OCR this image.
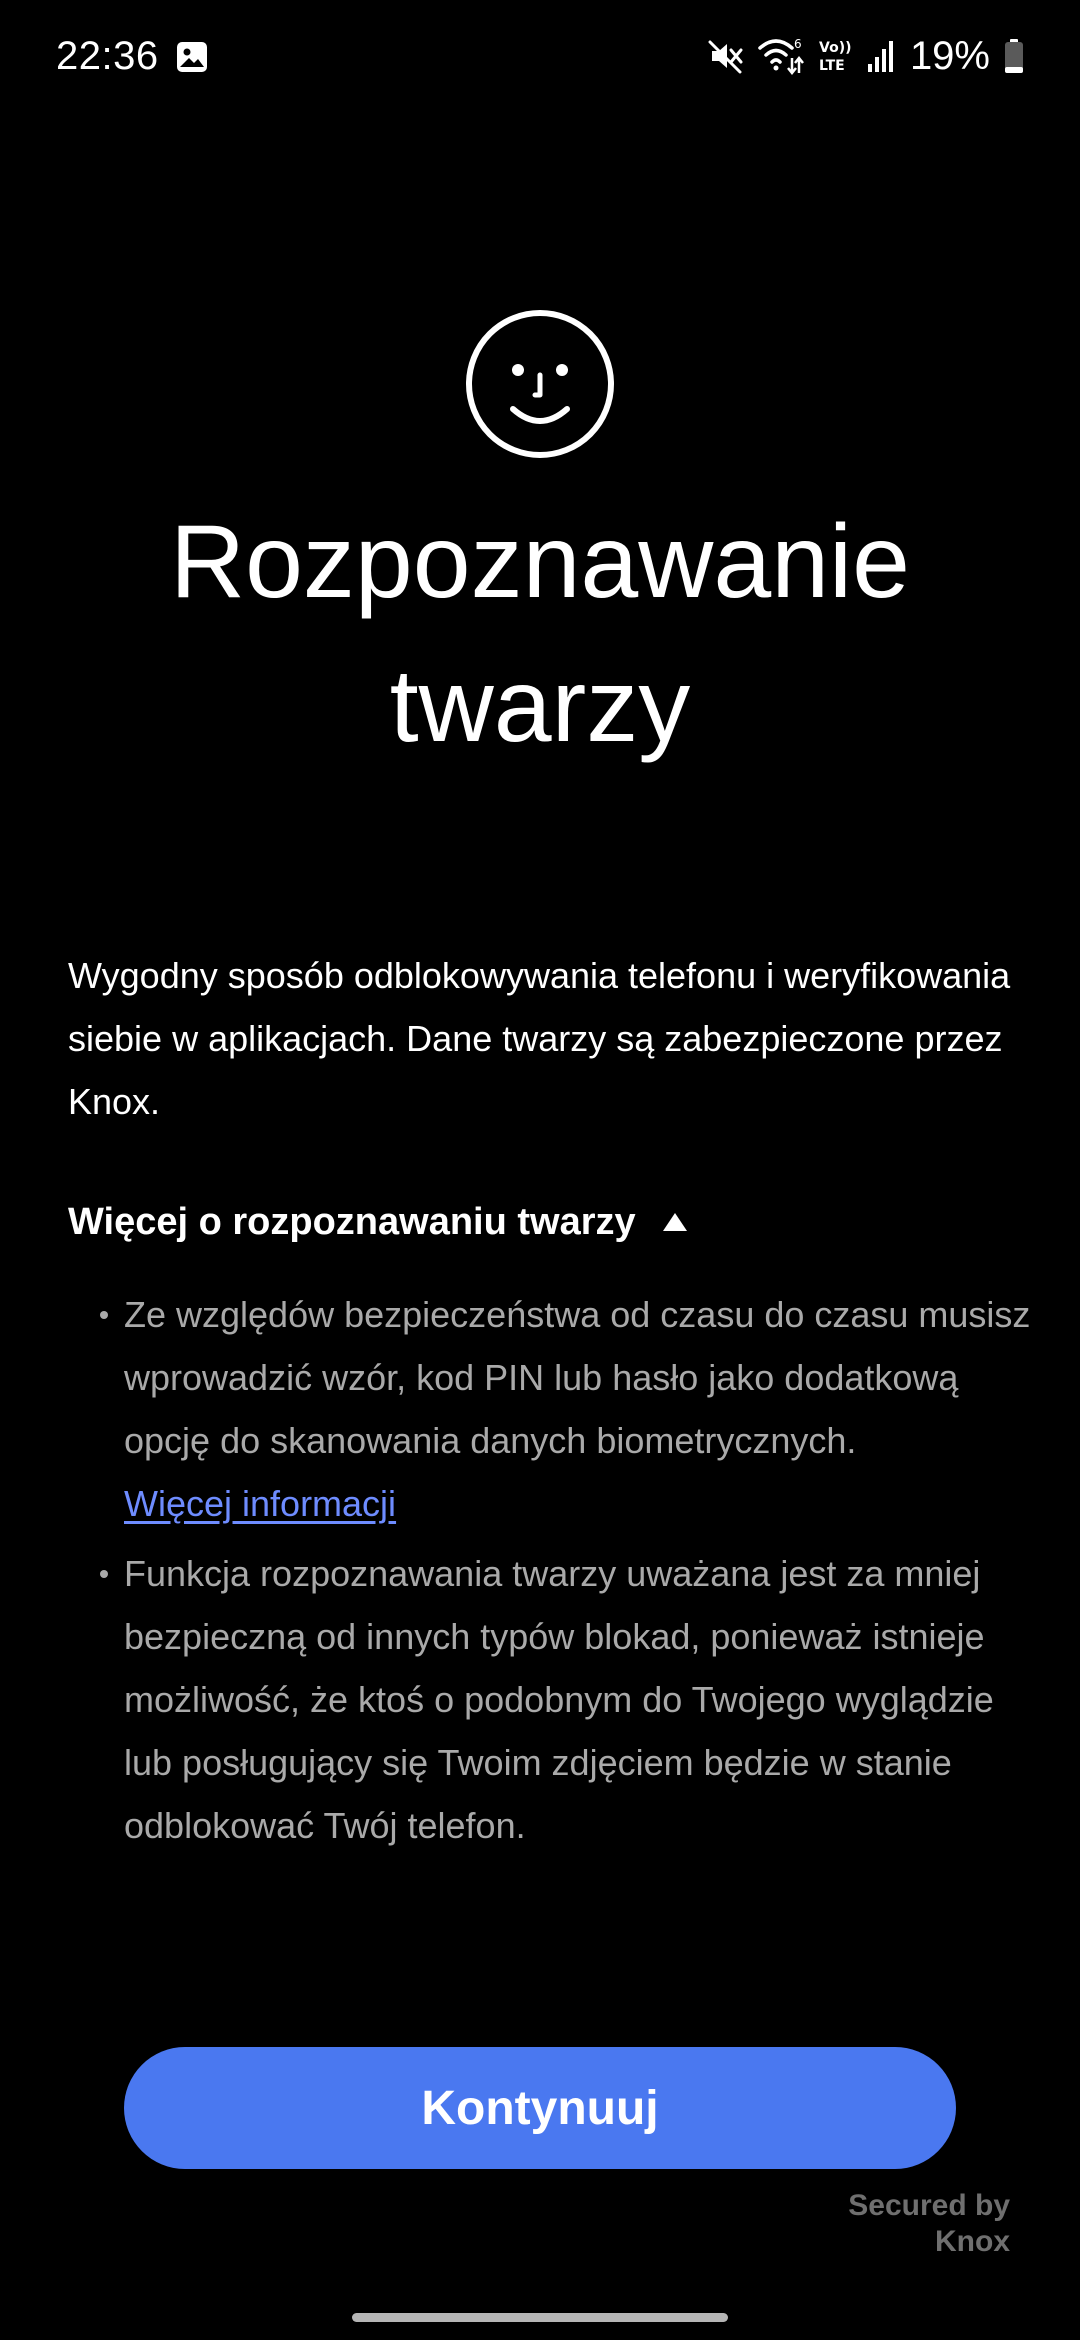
22:36	6 Vo))
LTE 19%
Rozpoznawanie
twarzy

Wygodny sposób odblokowywania telefonu i weryfikowania siebie w aplikacjach. Dane twarzy są zabezpieczone przez Knox.

Więcej o rozpoznawaniu twarzy
Ze względów bezpieczeństwa od czasu do czasu musisz wprowadzić wzór, kod PIN lub hasło jako dodatkową opcję do skanowania danych biometrycznych.
Więcej informacji
Funkcja rozpoznawania twarzy uważana jest za mniej bezpieczną od innych typów blokad, ponieważ istnieje możliwość, że ktoś o podobnym do Twojego wyglądzie lub posługujący się Twoim zdjęciem będzie w stanie odblokować Twój telefon.
Kontynuuj
Secured by
Knox
